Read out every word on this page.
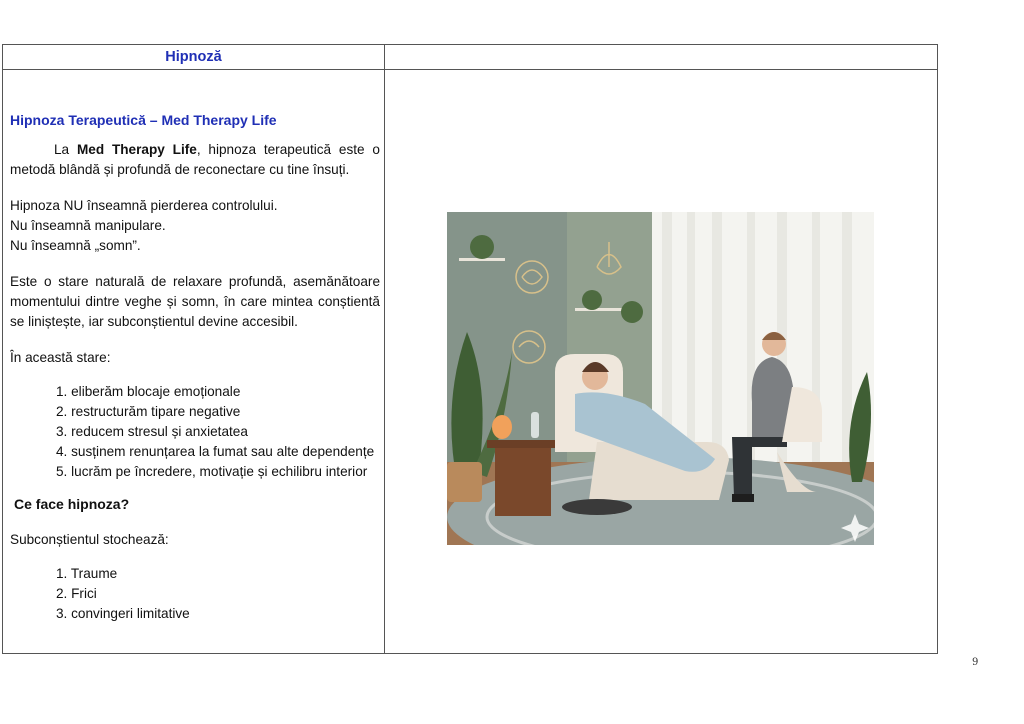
Hipnoză

Hipnoza Terapeutică – Med Therapy Life

La Med Therapy Life, hipnoza terapeutică este o metodă blândă și profundă de reconectare cu tine însuți.

Hipnoza NU înseamnă pierderea controlului.

Nu înseamnă manipulare.

Nu înseamnă „somn”.

Este o stare naturală de relaxare profundă, asemănătoare momentului dintre veghe și somn, în care mintea conștientă se liniștește, iar subconștientul devine accesibil.

În această stare:

1. eliberăm blocaje emoționale
2. restructurăm tipare negative
3. reducem stresul și anxietatea
4. susținem renunțarea la fumat sau alte dependențe
5. lucrăm pe încredere, motivație și echilibru interior

Ce face hipnoza?

Subconștientul stochează:

1. Traume
2. Frici
3. convingeri limitative
9
